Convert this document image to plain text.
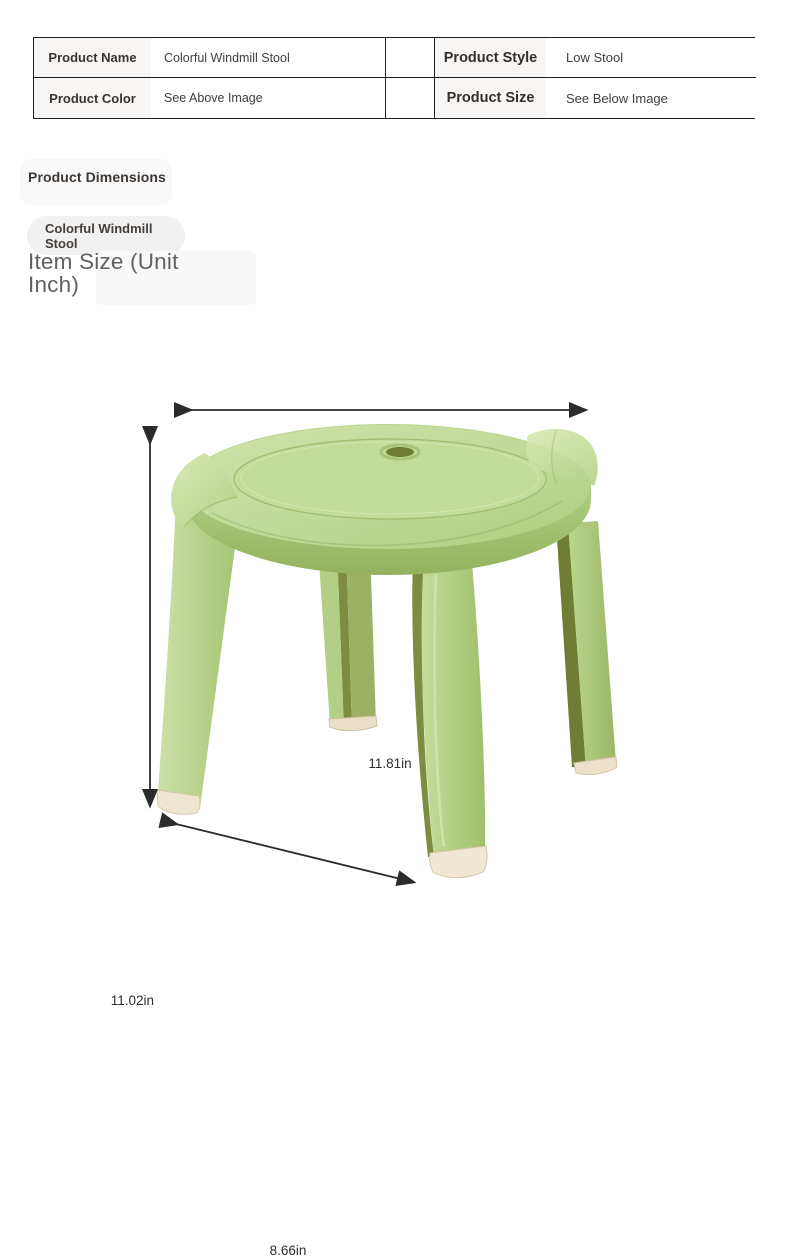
Product Name	Colorful Windmill Stool	Product Style	Low Stool
Product Color	See Above Image	Product Size	See Below Image
Product Dimensions
Colorful Windmill Stool
Item Size (Unit Inch)
11.81in
11.02in
8.66in
